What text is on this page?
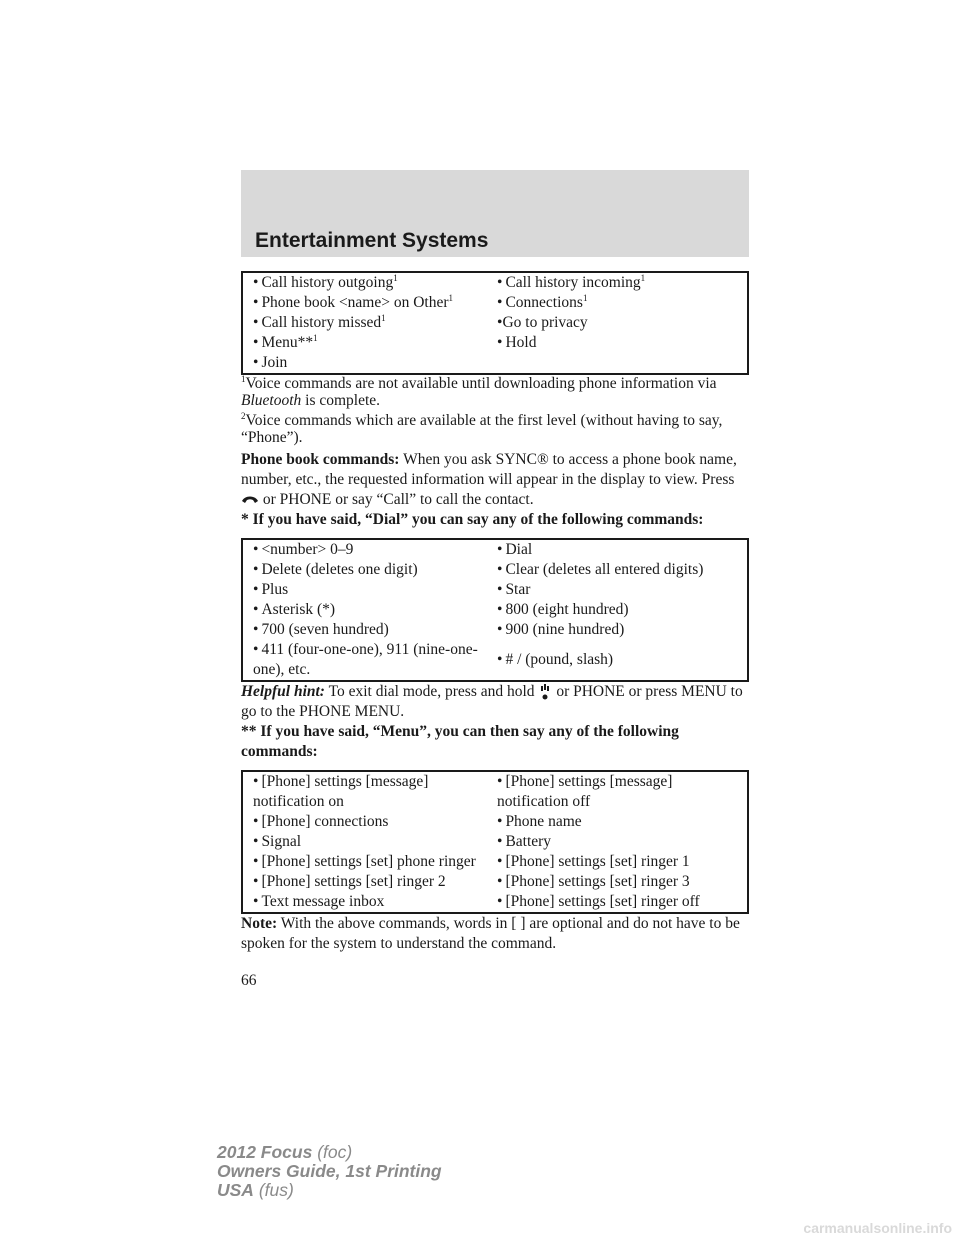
Entertainment Systems
• Call history outgoing$^1$	• Call history incoming$^1$
• Phone book <name> on Other$^1$	• Connections$^1$
• Call history missed$^1$	•Go to privacy
• Menu**$^1$	• Hold
• Join	

$^1$Voice commands are not available until downloading phone information via Bluetooth is complete.

$^2$Voice commands which are available at the first level (without having to say, “Phone”).

Phone book commands: When you ask SYNC® to access a phone book name, number, etc., the requested information will appear in the display to view. Press  or PHONE or say “Call” to call the contact.

* If you have said, “Dial” you can say any of the following commands:

• <number> 0–9	• Dial
• Delete (deletes one digit)	• Clear (deletes all entered digits)
• Plus	• Star
• Asterisk (*)	• 800 (eight hundred)
• 700 (seven hundred)	• 900 (nine hundred)
• 411 (four-one-one), 911 (nine-one-one), etc.	• # / (pound, slash)

Helpful hint: To exit dial mode, press and hold  or PHONE or press MENU to go to the PHONE MENU.

** If you have said, “Menu”, you can then say any of the following commands:

• [Phone] settings [message] notification on	• [Phone] settings [message] notification off
• [Phone] connections	• Phone name
• Signal	• Battery
• [Phone] settings [set] phone ringer	• [Phone] settings [set] ringer 1
• [Phone] settings [set] ringer 2	• [Phone] settings [set] ringer 3
• Text message inbox	• [Phone] settings [set] ringer off

Note: With the above commands, words in [ ] are optional and do not have to be spoken for the system to understand the command.

66
2012 Focus (foc)
Owners Guide, 1st Printing
USA (fus)
carmanualsonline.info
